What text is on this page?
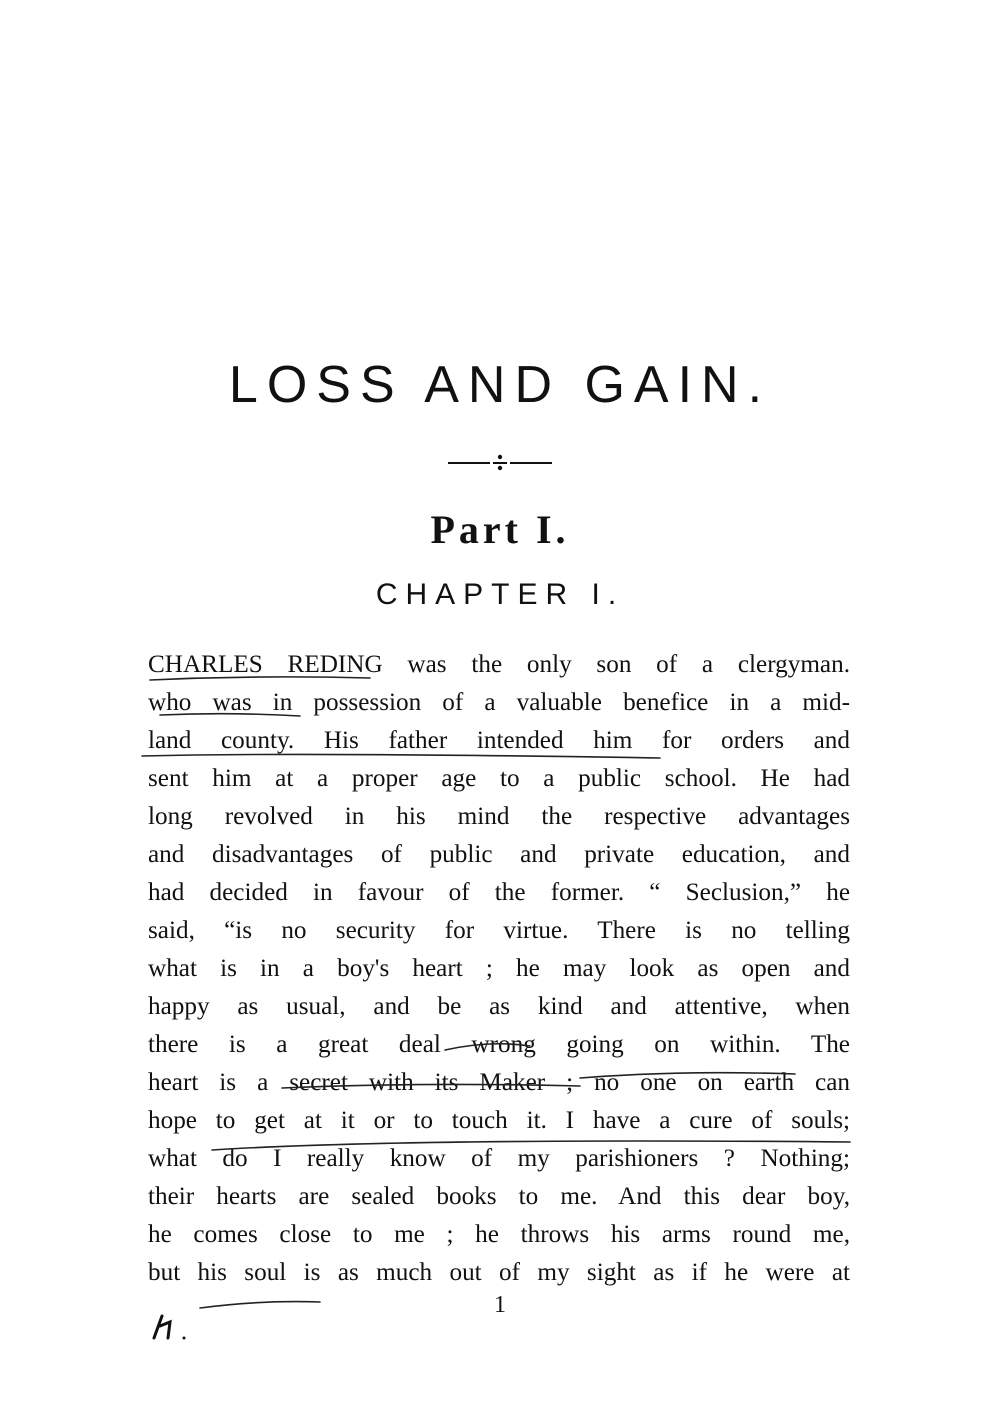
LOSS AND GAIN.
Part I.
CHAPTER I.
CHARLES REDING was the only son of a clergyman.
who was in possession of a valuable benefice in a mid-
land county. His father intended him for orders and
sent him at a proper age to a public school. He had
long revolved in his mind the respective advantages
and disadvantages of public and private education, and
had decided in favour of the former. “ Seclusion,” he
said, “is no security for virtue. There is no telling
what is in a boy's heart ; he may look as open and
happy as usual, and be as kind and attentive, when
there is a great deal wrong going on within. The
heart is a secret with its Maker ; no one on earth can
hope to get at it or to touch it. I have a cure of souls;
what do I really know of my parishioners ? Nothing;
their hearts are sealed books to me. And this dear boy,
he comes close to me ; he throws his arms round me,
but his soul is as much out of my sight as if he were at
1
